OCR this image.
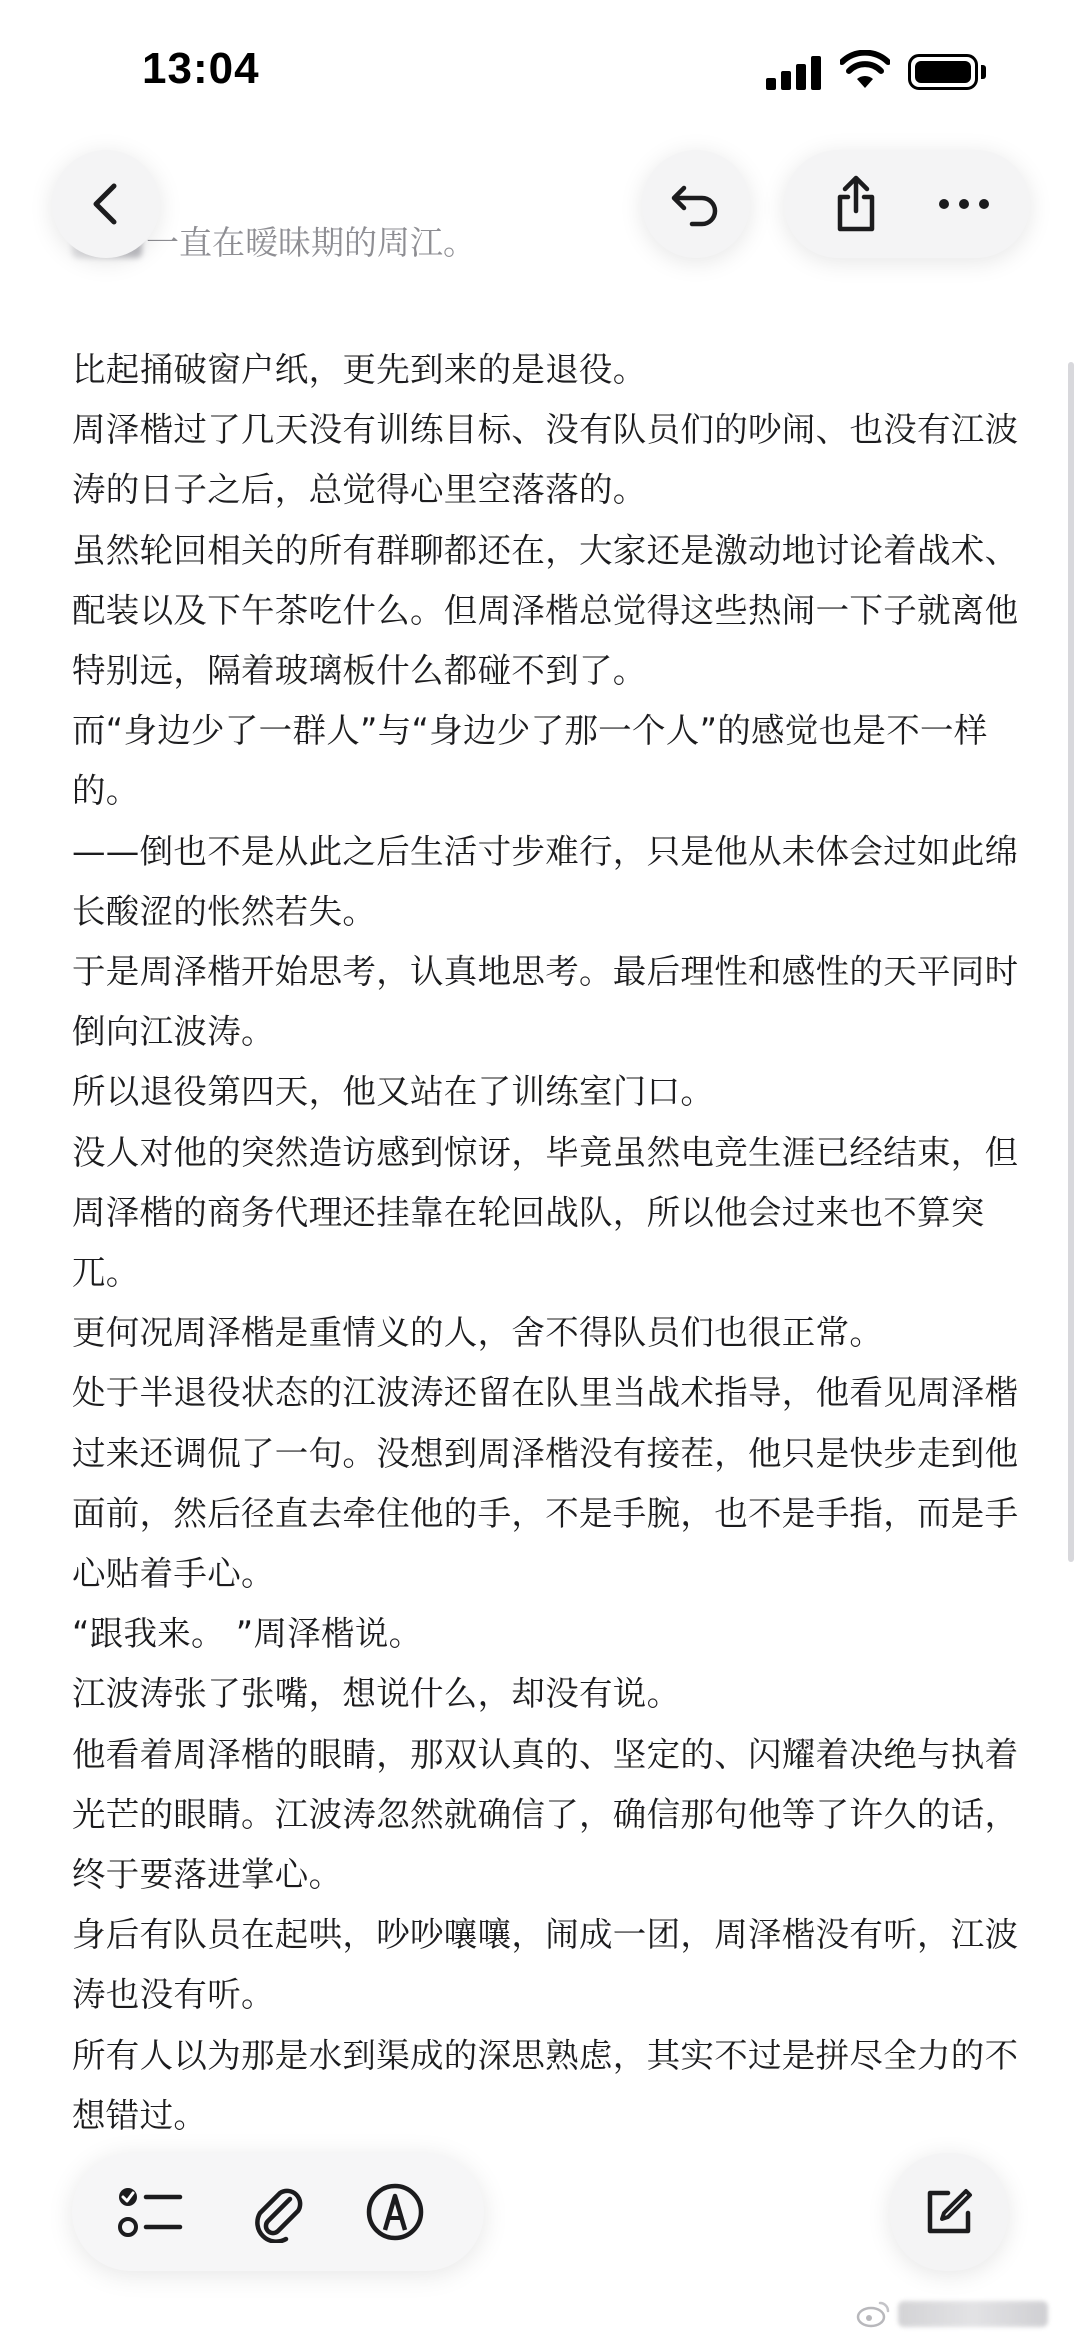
13:04
一直在暧昧期的周江。

比起捅破窗户纸，更先到来的是退役。

周泽楷过了几天没有训练目标、没有队员们的吵闹、也没有江波涛的日子之后，总觉得心里空落落的。

虽然轮回相关的所有群聊都还在，大家还是激动地讨论着战术、配装以及下午茶吃什么。但周泽楷总觉得这些热闹一下子就离他特别远，隔着玻璃板什么都碰不到了。

而“身边少了一群人”与“身边少了那一个人”的感觉也是不一样的。

——倒也不是从此之后生活寸步难行，只是他从未体会过如此绵长酸涩的怅然若失。

于是周泽楷开始思考，认真地思考。最后理性和感性的天平同时倒向江波涛。

所以退役第四天，他又站在了训练室门口。

没人对他的突然造访感到惊讶，毕竟虽然电竞生涯已经结束，但周泽楷的商务代理还挂靠在轮回战队，所以他会过来也不算突兀。

更何况周泽楷是重情义的人，舍不得队员们也很正常。

处于半退役状态的江波涛还留在队里当战术指导，他看见周泽楷过来还调侃了一句。没想到周泽楷没有接茬，他只是快步走到他面前，然后径直去牵住他的手，不是手腕，也不是手指，而是手心贴着手心。

“跟我来。 ”周泽楷说。

江波涛张了张嘴，想说什么，却没有说。

他看着周泽楷的眼睛，那双认真的、坚定的、闪耀着决绝与执着光芒的眼睛。江波涛忽然就确信了，确信那句他等了许久的话，终于要落进掌心。

身后有队员在起哄，吵吵嚷嚷，闹成一团，周泽楷没有听，江波涛也没有听。

所有人以为那是水到渠成的深思熟虑，其实不过是拼尽全力的不想错过。
